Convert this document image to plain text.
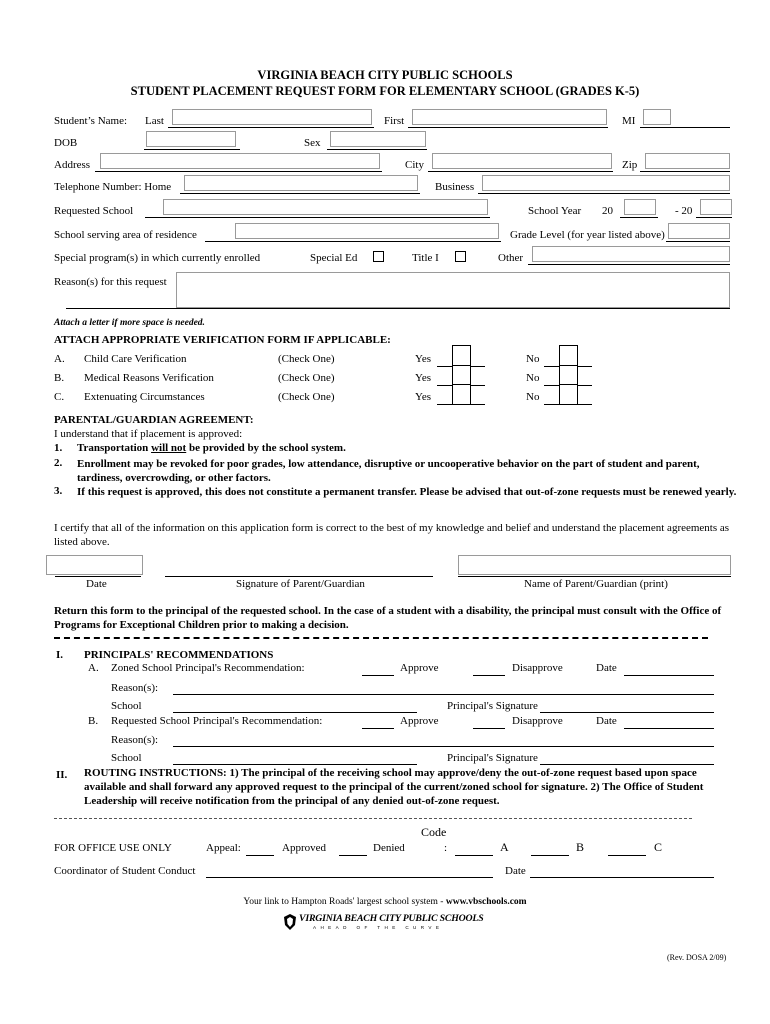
VIRGINIA BEACH CITY PUBLIC SCHOOLS
STUDENT PLACEMENT REQUEST FORM FOR ELEMENTARY SCHOOL (GRADES K-5)
Student’s Name: Last	First	MI
DOB	Sex
Address	City	Zip
Telephone Number: Home	Business
Requested School	School Year 20	- 20
School serving area of residence	Grade Level (for year listed above)
Special program(s) in which currently enrolled	Special Ed	Title I	Other
Reason(s) for this request
Attach a letter if more space is needed.
ATTACH APPROPRIATE VERIFICATION FORM IF APPLICABLE:
A. Child Care Verification	(Check One)	Yes	No
B. Medical Reasons Verification	(Check One)	Yes	No
C. Extenuating Circumstances	(Check One)	Yes	No
PARENTAL/GUARDIAN AGREEMENT:
I understand that if placement is approved:
1. Transportation will not be provided by the school system.
2. Enrollment may be revoked for poor grades, low attendance, disruptive or uncooperative behavior on the part of student and parent, tardiness, overcrowding, or other factors.

3. If this request is approved, this does not constitute a permanent transfer. Please be advised that out-of-zone requests must be renewed yearly.

I certify that all of the information on this application form is correct to the best of my knowledge and belief and understand the placement agreements as listed above.

Date	Signature of Parent/Guardian	Name of Parent/Guardian (print)

Return this form to the principal of the requested school. In the case of a student with a disability, the principal must consult with the Office of Programs for Exceptional Children prior to making a decision.

I. PRINCIPALS' RECOMMENDATIONS
A. Zoned School Principal's Recommendation:	Approve	Disapprove	Date
Reason(s):
School	Principal's Signature
B. Requested School Principal's Recommendation:	Approve	Disapprove	Date
Reason(s):
School	Principal's Signature
II. ROUTING INSTRUCTIONS: 1) The principal of the receiving school may approve/deny the out-of-zone request based upon space available and shall forward any approved request to the principal of the current/zoned school for signature. 2) The Office of Student Leadership will receive notification from the principal of any denied out-of-zone request.

Code
FOR OFFICE USE ONLY	Appeal:	Approved	Denied	:	A	B	C
Coordinator of Student Conduct	Date
Your link to Hampton Roads' largest school system - www.vbschools.com
VIRGINIA BEACH CITY PUBLIC SCHOOLS
AHEAD OF THE CURVE
(Rev. DOSA 2/09)
